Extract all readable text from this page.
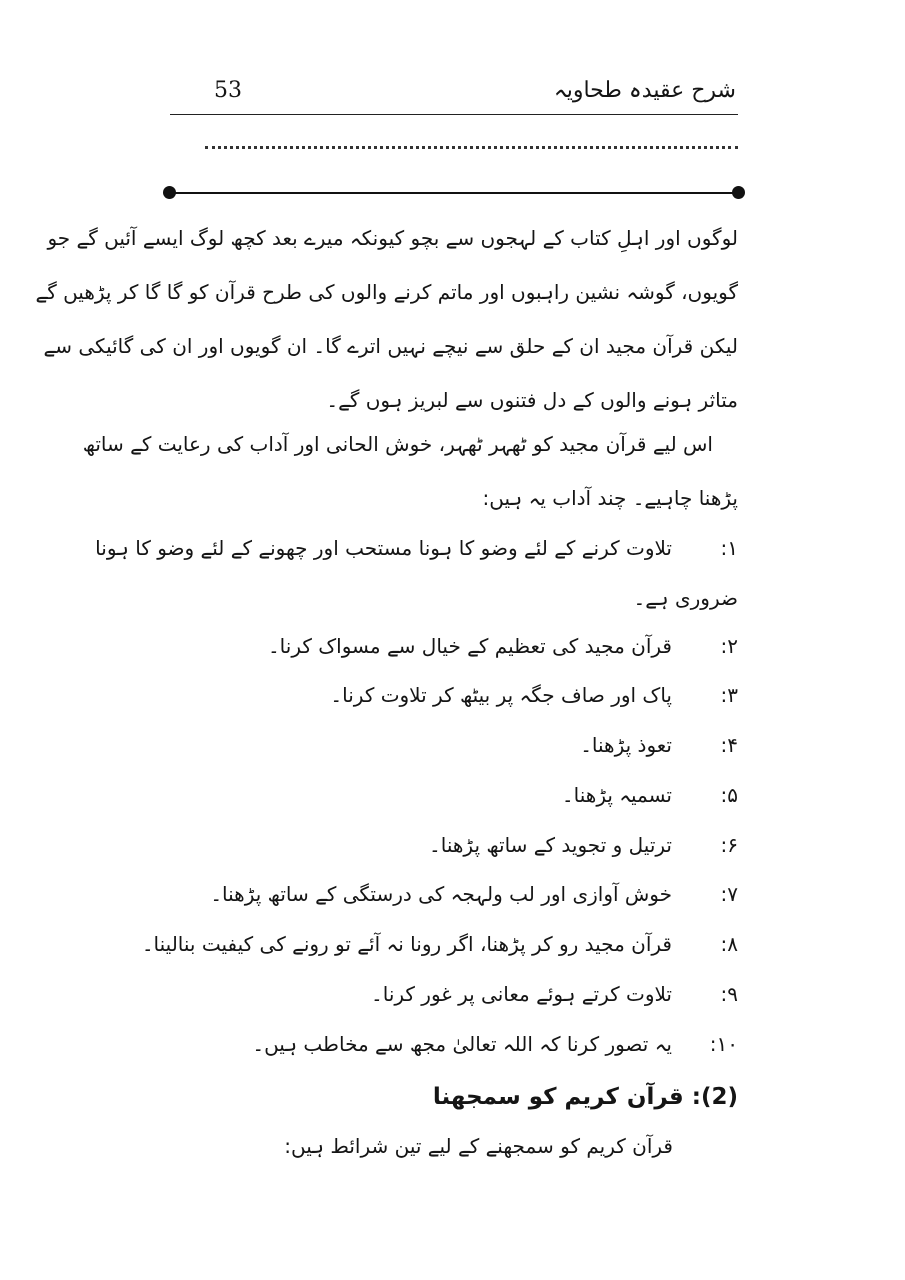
شرح عقیدہ طحاویہ
53
لوگوں اور اہلِ کتاب کے لہجوں سے بچو کیونکہ میرے بعد کچھ لوگ ایسے آئیں گے جو
گویوں، گوشہ نشین راہبوں اور ماتم کرنے والوں کی طرح قرآن کو گا گا کر پڑھیں گے
لیکن قرآن مجید ان کے حلق سے نیچے نہیں اترے گا۔ ان گویوں اور ان کی گائیکی سے
متاثر ہونے والوں کے دل فتنوں سے لبریز ہوں گے۔
اس لیے قرآن مجید کو ٹھہر ٹھہر، خوش الحانی اور آداب کی رعایت کے ساتھ
پڑھنا چاہیے۔ چند آداب یہ ہیں:
۱:
تلاوت کرنے کے لئے وضو کا ہونا مستحب اور چھونے کے لئے وضو کا ہونا
ضروری ہے۔
۲:
قرآن مجید کی تعظیم کے خیال سے مسواک کرنا۔
۳:
پاک اور صاف جگہ پر بیٹھ کر تلاوت کرنا۔
۴:
تعوذ پڑھنا۔
۵:
تسمیہ پڑھنا۔
۶:
ترتیل و تجوید کے ساتھ پڑھنا۔
۷:
خوش آوازی اور لب ولہجہ کی درستگی کے ساتھ پڑھنا۔
۸:
قرآن مجید رو کر پڑھنا، اگر رونا نہ آئے تو رونے کی کیفیت بنالینا۔
۹:
تلاوت کرتے ہوئے معانی پر غور کرنا۔
۱۰:
یہ تصور کرنا کہ اللہ تعالیٰ مجھ سے مخاطب ہیں۔
(2): قرآن کریم کو سمجھنا
قرآن کریم کو سمجھنے کے لیے تین شرائط ہیں:
